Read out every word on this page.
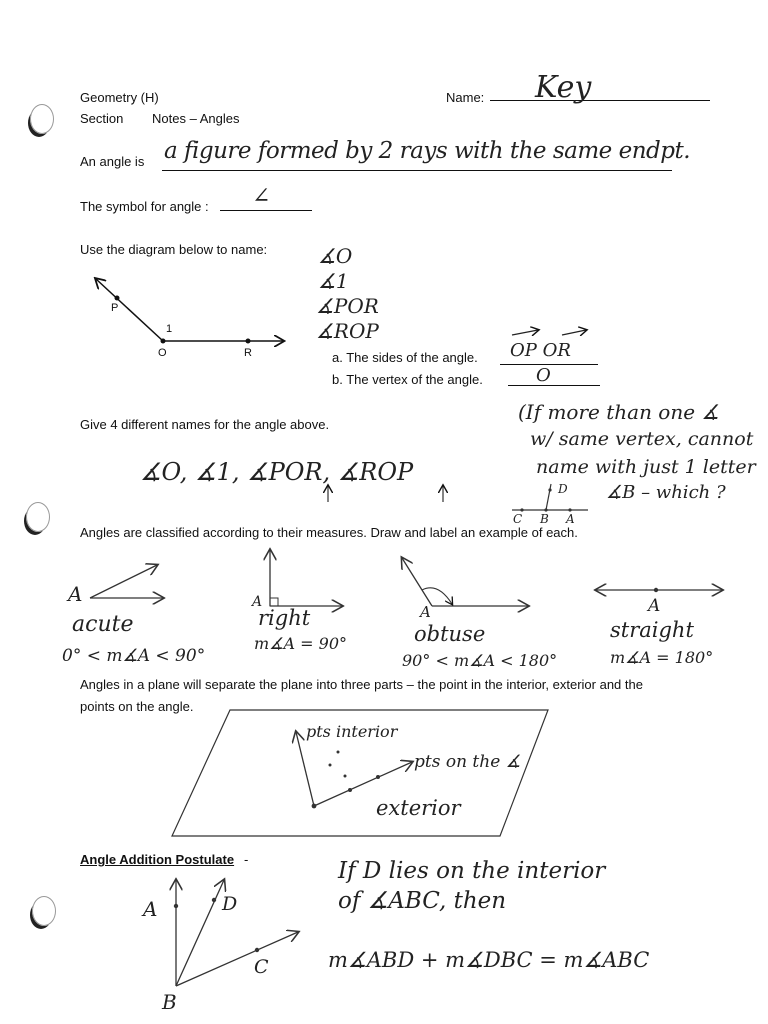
Geometry (H)
Section Notes – Angles
Name: Key
An angle is a figure formed by 2 rays with the same endpt.
The symbol for angle : ∠
Use the diagram below to name:
P
1
O	R
∡O
∡1
∡POR
∡ROP
a. The sides of the angle. OP OR
b. The vertex of the angle.	O
Give 4 different names for the angle above.
∡O, ∡1, ∡POR, ∡ROP
(If more than one ∡
w/ same vertex, cannot
name with just 1 letter
∡B – which ?
C B A
D
Angles are classified according to their measures. Draw and label an example of each.
A
acute
0° < m∡A < 90°
A
right
m∡A = 90°
A
obtuse
90° < m∡A < 180°
A
straight
m∡A = 180°
Angles in a plane will separate the plane into three parts – the point in the interior, exterior and the
points on the angle.
pts interior
pts on the ∡
exterior
Angle Addition Postulate -
A	D
C
B
If D lies on the interior
of ∡ABC, then
m∡ABD + m∡DBC = m∡ABC
